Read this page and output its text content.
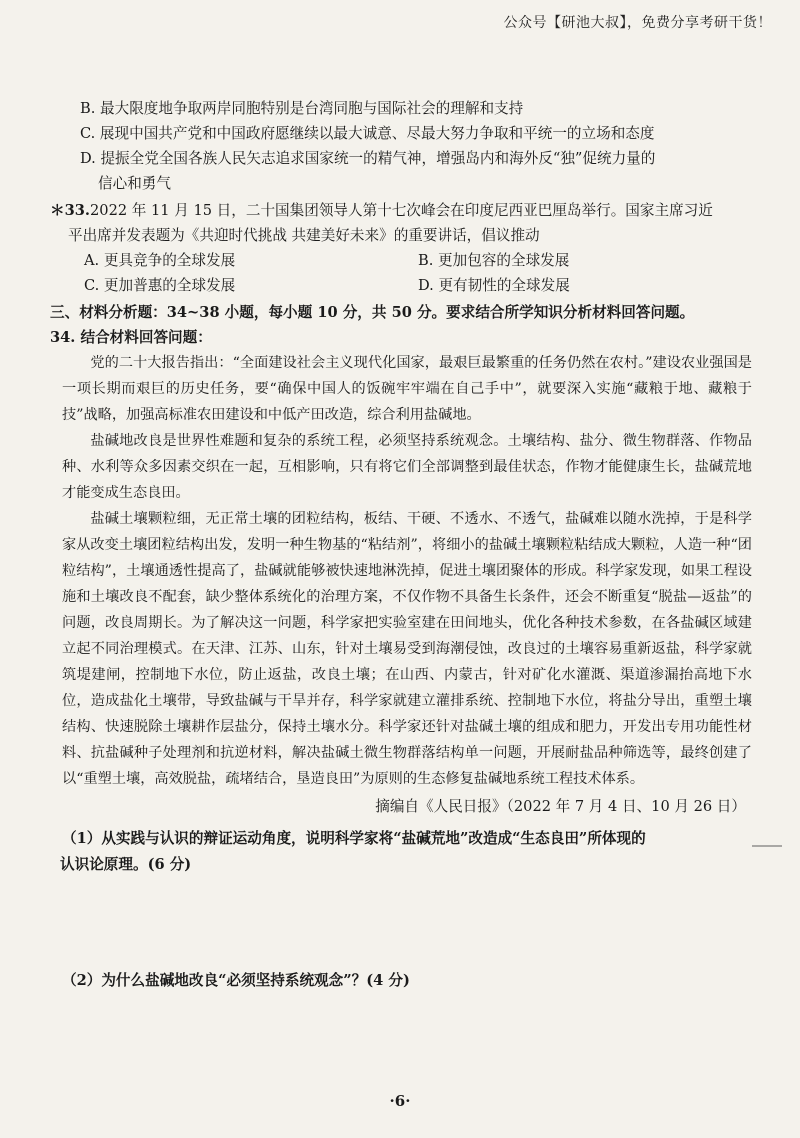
公众号【研池大叔】，免费分享考研干货！
B. 最大限度地争取两岸同胞特别是台湾同胞与国际社会的理解和支持
C. 展现中国共产党和中国政府愿继续以最大诚意、尽最大努力争取和平统一的立场和态度
D. 提振全党全国各族人民矢志追求国家统一的精气神，增强岛内和海外反“独”促统力量的
信心和勇气
＊33.2022 年 11 月 15 日，二十国集团领导人第十七次峰会在印度尼西亚巴厘岛举行。国家主席习近
平出席并发表题为《共迎时代挑战 共建美好未来》的重要讲话，倡议推动
A. 更具竞争的全球发展	B. 更加包容的全球发展
C. 更加普惠的全球发展	D. 更有韧性的全球发展
三、材料分析题：34~38 小题，每小题 10 分，共 50 分。要求结合所学知识分析材料回答问题。
34. 结合材料回答问题：

党的二十大报告指出：“全面建设社会主义现代化国家，最艰巨最繁重的任务仍然在农村。”建设农业强国是一项长期而艰巨的历史任务，要“确保中国人的饭碗牢牢端在自己手中”，就要深入实施“藏粮于地、藏粮于技”战略，加强高标准农田建设和中低产田改造，综合利用盐碱地。

盐碱地改良是世界性难题和复杂的系统工程，必须坚持系统观念。土壤结构、盐分、微生物群落、作物品种、水利等众多因素交织在一起，互相影响，只有将它们全部调整到最佳状态，作物才能健康生长，盐碱荒地才能变成生态良田。

盐碱土壤颗粒细，无正常土壤的团粒结构，板结、干硬、不透水、不透气，盐碱难以随水洗掉，于是科学家从改变土壤团粒结构出发，发明一种生物基的“粘结剂”，将细小的盐碱土壤颗粒粘结成大颗粒，人造一种“团粒结构”，土壤通透性提高了，盐碱就能够被快速地淋洗掉，促进土壤团聚体的形成。科学家发现，如果工程设施和土壤改良不配套，缺少整体系统化的治理方案，不仅作物不具备生长条件，还会不断重复“脱盐—返盐”的问题，改良周期长。为了解决这一问题，科学家把实验室建在田间地头，优化各种技术参数，在各盐碱区域建立起不同治理模式。在天津、江苏、山东，针对土壤易受到海潮侵蚀，改良过的土壤容易重新返盐，科学家就筑堤建闸，控制地下水位，防止返盐，改良土壤；在山西、内蒙古，针对矿化水灌溉、渠道渗漏抬高地下水位，造成盐化土壤带，导致盐碱与干旱并存，科学家就建立灌排系统、控制地下水位，将盐分导出，重塑土壤结构、快速脱除土壤耕作层盐分，保持土壤水分。科学家还针对盐碱土壤的组成和肥力，开发出专用功能性材料、抗盐碱种子处理剂和抗逆材料，解决盐碱土微生物群落结构单一问题，开展耐盐品种筛选等，最终创建了以“重塑土壤，高效脱盐，疏堵结合，垦造良田”为原则的生态修复盐碱地系统工程技术体系。

摘编自《人民日报》（2022 年 7 月 4 日、10 月 26 日）
（1）从实践与认识的辩证运动角度，说明科学家将“盐碱荒地”改造成“生态良田”所体现的
认识论原理。(6 分)
（2）为什么盐碱地改良“必须坚持系统观念”？(4 分)
·6·
